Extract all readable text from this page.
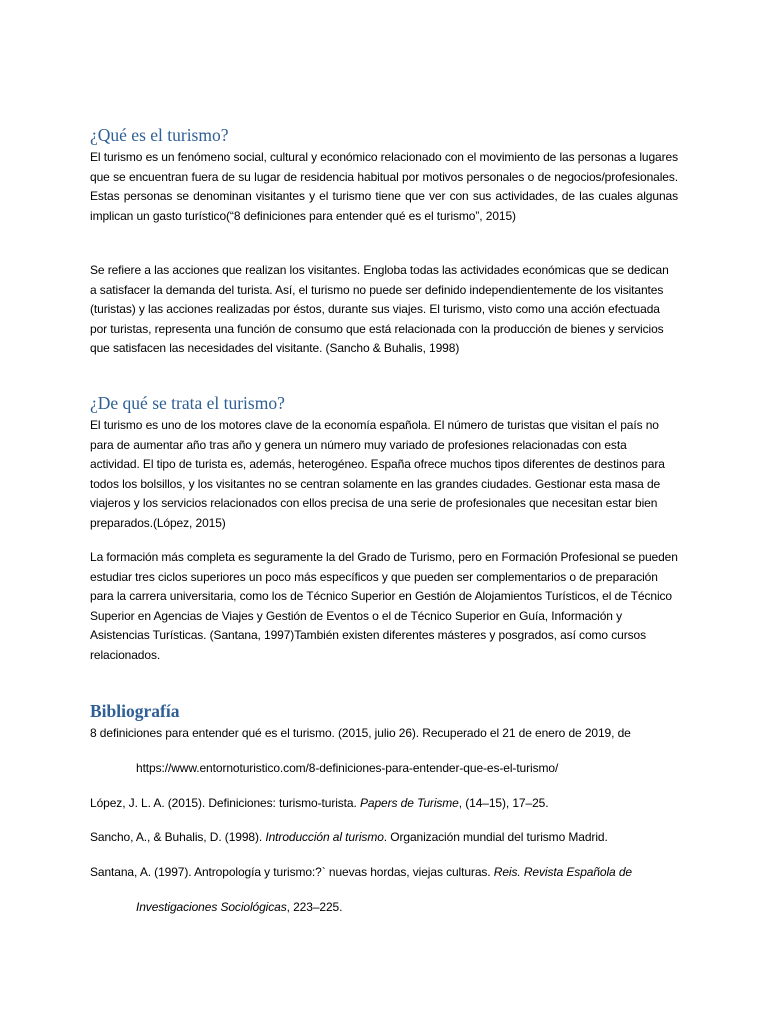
¿Qué es el turismo?
El turismo es un fenómeno social, cultural y económico relacionado con el movimiento de las personas a lugares que se encuentran fuera de su lugar de residencia habitual por motivos personales o de negocios/profesionales. Estas personas se denominan visitantes y el turismo tiene que ver con sus actividades, de las cuales algunas implican un gasto turístico(“8 definiciones para entender qué es el turismo”, 2015)
Se refiere a las acciones que realizan los visitantes. Engloba todas las actividades económicas que se dedican a satisfacer la demanda del turista. Así, el turismo no puede ser definido independientemente de los visitantes (turistas) y las acciones realizadas por éstos, durante sus viajes. El turismo, visto como una acción efectuada por turistas, representa una función de consumo que está relacionada con la producción de bienes y servicios que satisfacen las necesidades del visitante. (Sancho & Buhalis, 1998)
¿De qué se trata el turismo?
El turismo es uno de los motores clave de la economía española. El número de turistas que visitan el país no para de aumentar año tras año y genera un número muy variado de profesiones relacionadas con esta actividad. El tipo de turista es, además, heterogéneo. España ofrece muchos tipos diferentes de destinos para todos los bolsillos, y los visitantes no se centran solamente en las grandes ciudades. Gestionar esta masa de viajeros y los servicios relacionados con ellos precisa de una serie de profesionales que necesitan estar bien preparados.(López, 2015)
La formación más completa es seguramente la del Grado de Turismo, pero en Formación Profesional se pueden estudiar tres ciclos superiores un poco más específicos y que pueden ser complementarios o de preparación para la carrera universitaria, como los de Técnico Superior en Gestión de Alojamientos Turísticos, el de Técnico Superior en Agencias de Viajes y Gestión de Eventos o el de Técnico Superior en Guía, Información y Asistencias Turísticas. (Santana, 1997)También existen diferentes másteres y posgrados, así como cursos relacionados.
Bibliografía
8 definiciones para entender qué es el turismo. (2015, julio 26). Recuperado el 21 de enero de 2019, de
https://www.entornoturistico.com/8-definiciones-para-entender-que-es-el-turismo/
López, J. L. A. (2015). Definiciones: turismo-turista. Papers de Turisme, (14–15), 17–25.
Sancho, A., & Buhalis, D. (1998). Introducción al turismo. Organización mundial del turismo Madrid.
Santana, A. (1997). Antropología y turismo:?` nuevas hordas, viejas culturas. Reis. Revista Española de
Investigaciones Sociológicas, 223–225.
